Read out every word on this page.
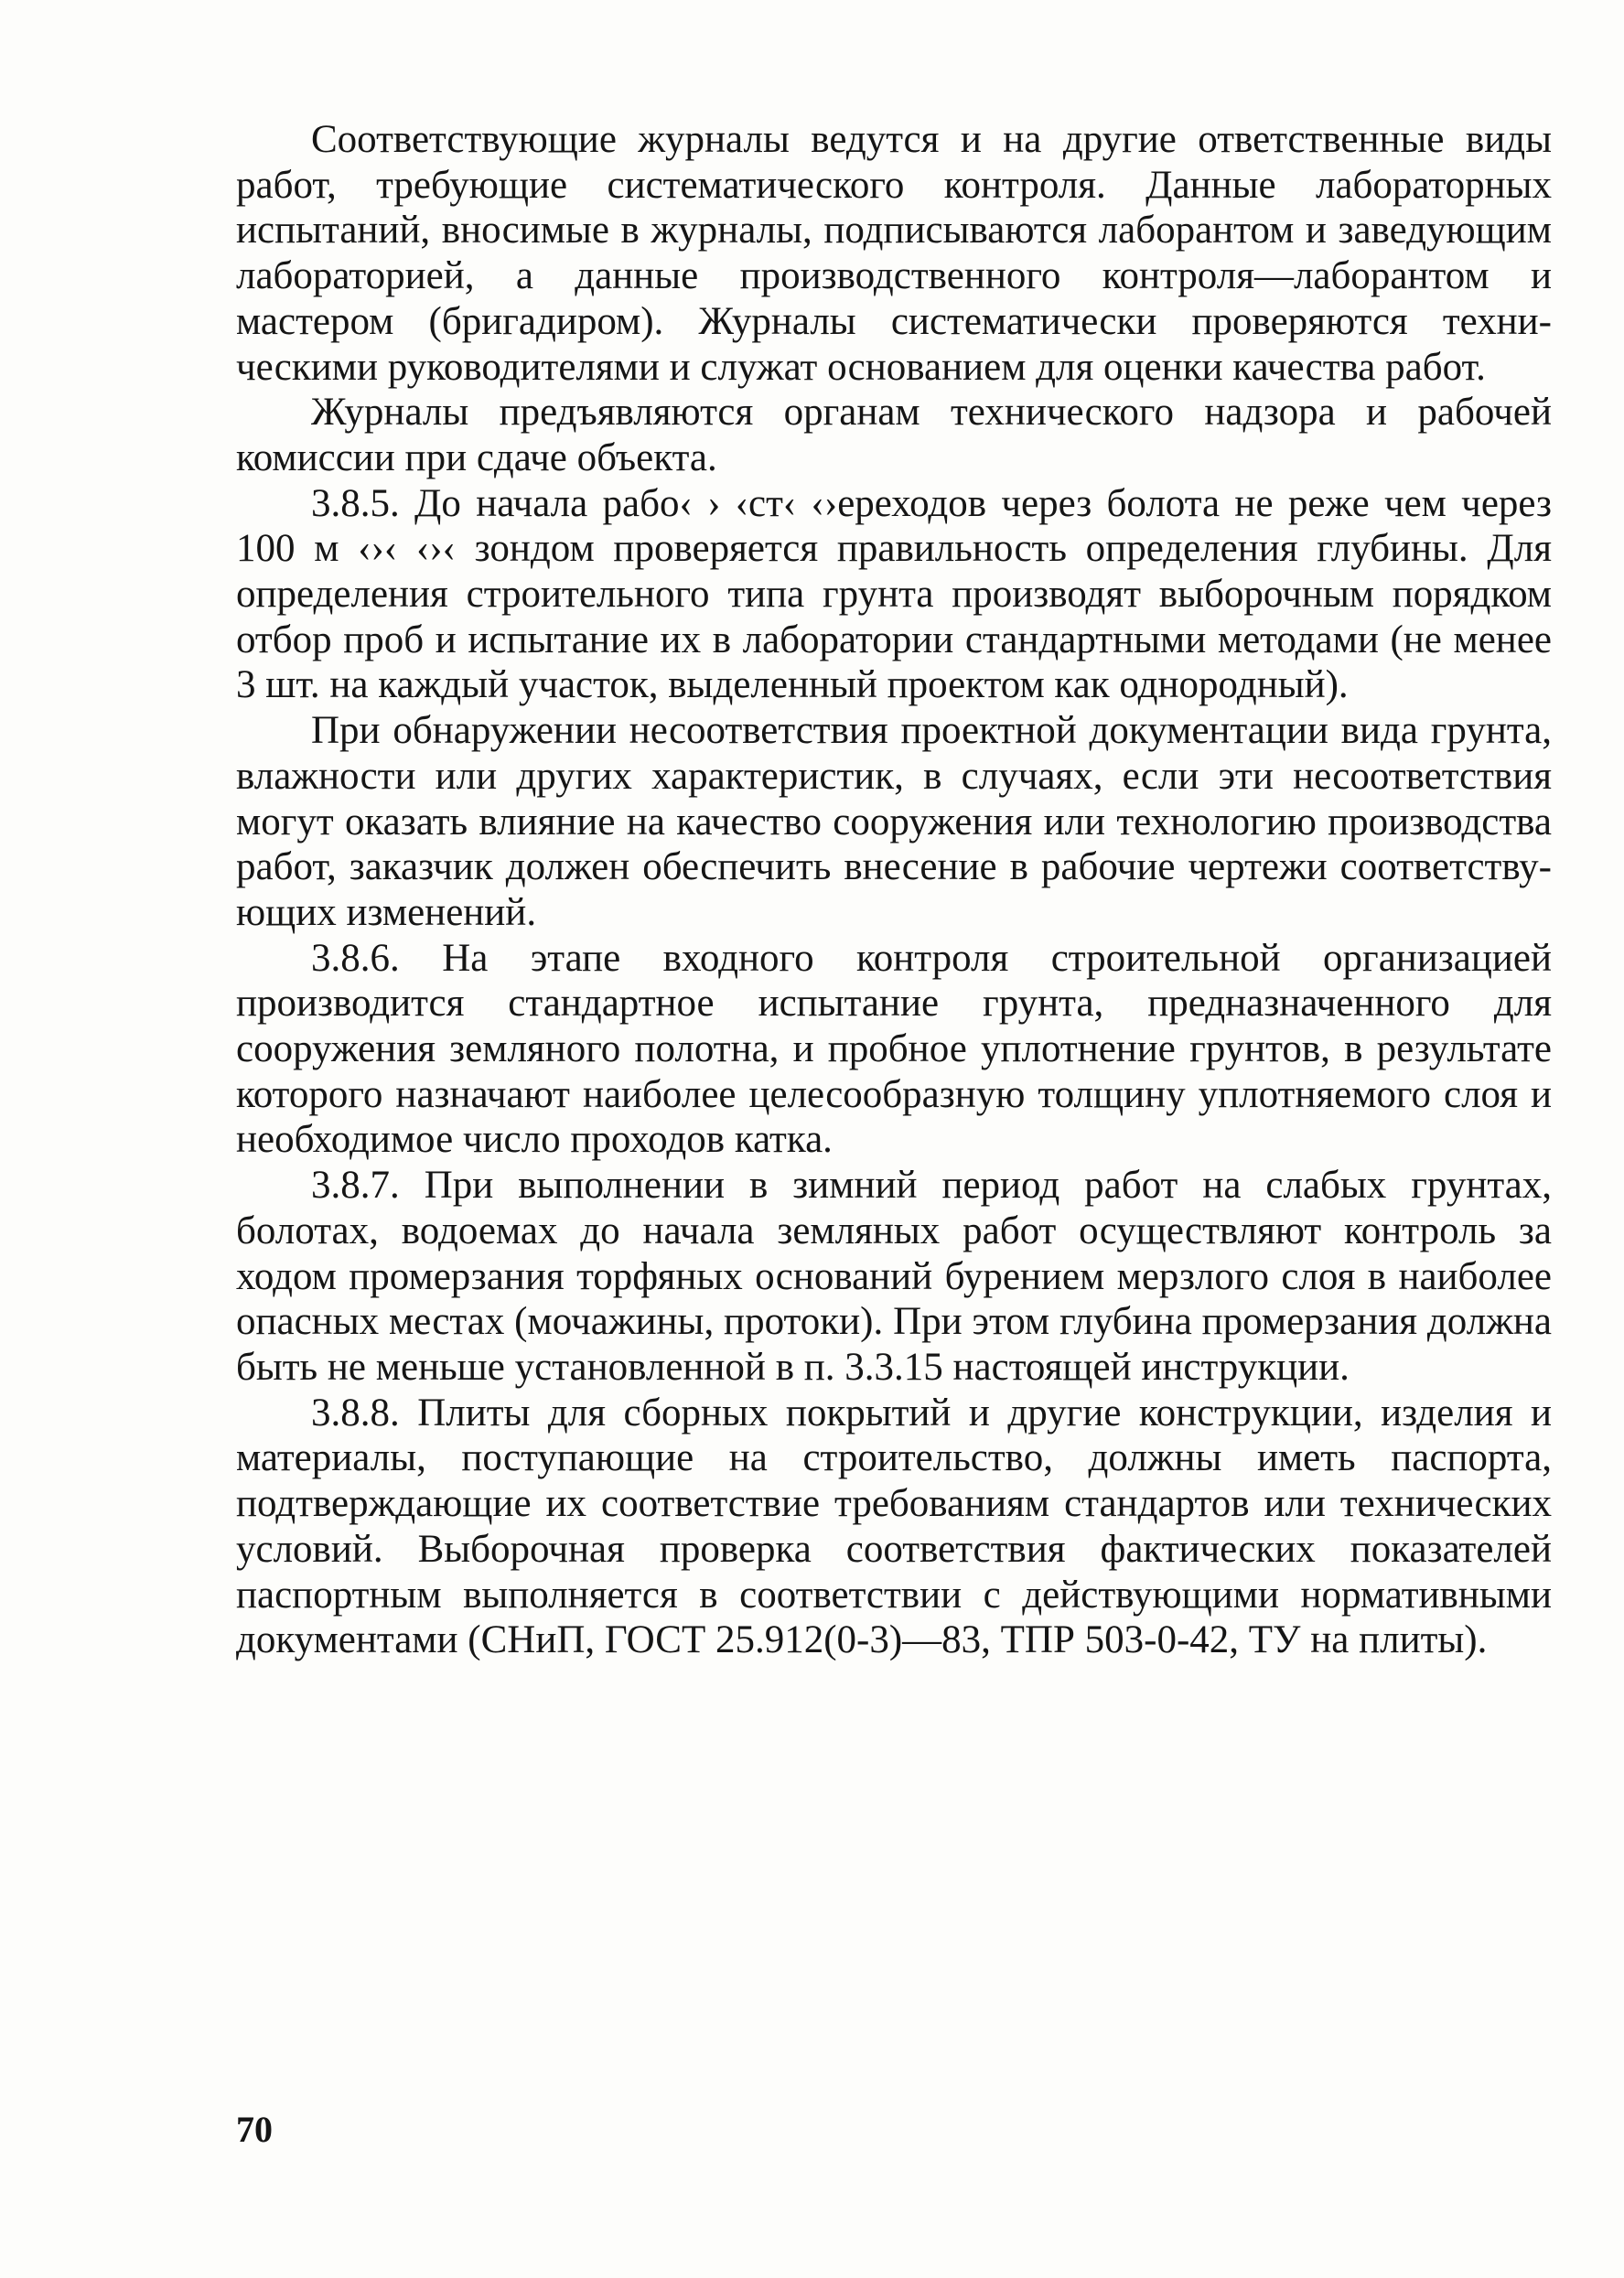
Соответствующие журналы ведутся и на другие ответственные виды работ, требующие систематического контроля. Данные лабораторных испытаний, вносимые в журналы, подписываются лаборантом и заведующим лабораторией, а данные производственного контроля—лаборантом и мастером (бригадиром). Журналы систематически проверяются техническими руководителями и служат основанием для оценки качества работ.

Журналы предъявляются органам технического надзора и рабочей комиссии при сдаче объекта.

3.8.5. До начала рабо‹ › ‹ст‹ ‹›ереходов через болота не реже чем через 100 м ‹›‹ ‹›‹ зондом проверяется правильность определения глубины. Для определения строительного типа грунта производят выборочным порядком отбор проб и испытание их в лаборатории стандартными методами (не менее 3 шт. на каждый участок, выделенный проектом как однородный).

При обнаружении несоответствия проектной документации вида грунта, влажности или других характеристик, в случаях, если эти несоответствия могут оказать влияние на качество сооружения или технологию производства работ, заказчик должен обеспечить внесение в рабочие чертежи соответствующих изменений.

3.8.6. На этапе входного контроля строительной организацией производится стандартное испытание грунта, предназначенного для сооружения земляного полотна, и пробное уплотнение грунтов, в результате которого назначают наиболее целесообразную толщину уплотняемого слоя и необходимое число проходов катка.

3.8.7. При выполнении в зимний период работ на слабых грунтах, болотах, водоемах до начала земляных работ осуществляют контроль за ходом промерзания торфяных оснований бурением мерзлого слоя в наиболее опасных местах (мочажины, протоки). При этом глубина промерзания должна быть не меньше установленной в п. 3.3.15 настоящей инструкции.

3.8.8. Плиты для сборных покрытий и другие конструкции, изделия и материалы, поступающие на строительство, должны иметь паспорта, подтверждающие их соответствие требованиям стандартов или технических условий. Выборочная проверка соответствия фактических показателей паспортным выполняется в соответствии с действующими нормативными документами (СНиП, ГОСТ 25.912(0-3)—83, ТПР 503-0-42, ТУ на плиты).

70
